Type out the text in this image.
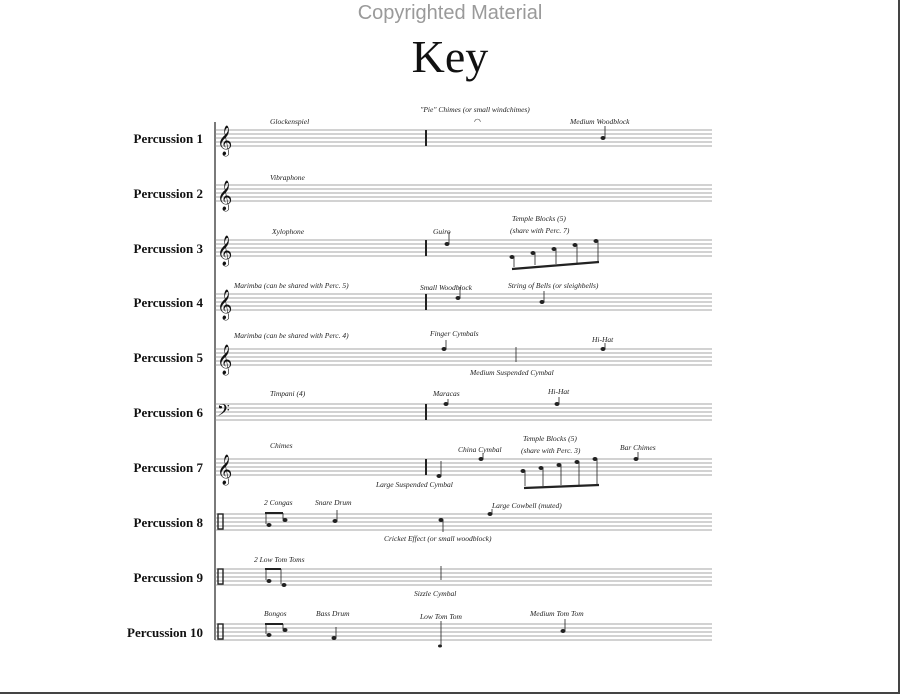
Copyrighted Material
Key
Percussion 1 𝄞
Glockenspiel
"Pie" Chimes (or small windchimes)
◠	Medium Woodblock
Percussion 2 𝄞
Vibraphone
Percussion 3 𝄞
Xylophone	Guiro
Temple Blocks (5)
(share with Perc. 7)
Percussion 4 𝄞
Marimba (can be shared with Perc. 5)	Small Woodblock	String of Bells (or sleighbells)
Percussion 5 𝄞
Marimba (can be shared with Perc. 4)	Finger Cymbals
Hi-Hat
Medium Suspended Cymbal
Percussion 6 𝄢
Timpani (4)	Maracas	Hi-Hat
Percussion 7 𝄞
Chimes	China Cymbal
Temple Blocks (5)
(share with Perc. 3)	Bar Chimes
Large Suspended Cymbal
Percussion 8
2 Congas	Snare Drum	Large Cowbell (muted)
Cricket Effect (or small woodblock)
Percussion 9
2 Low Tom Toms
Sizzle Cymbal
Percussion 10
Bongos	Bass Drum	Low Tom Tom	Medium Tom Tom
